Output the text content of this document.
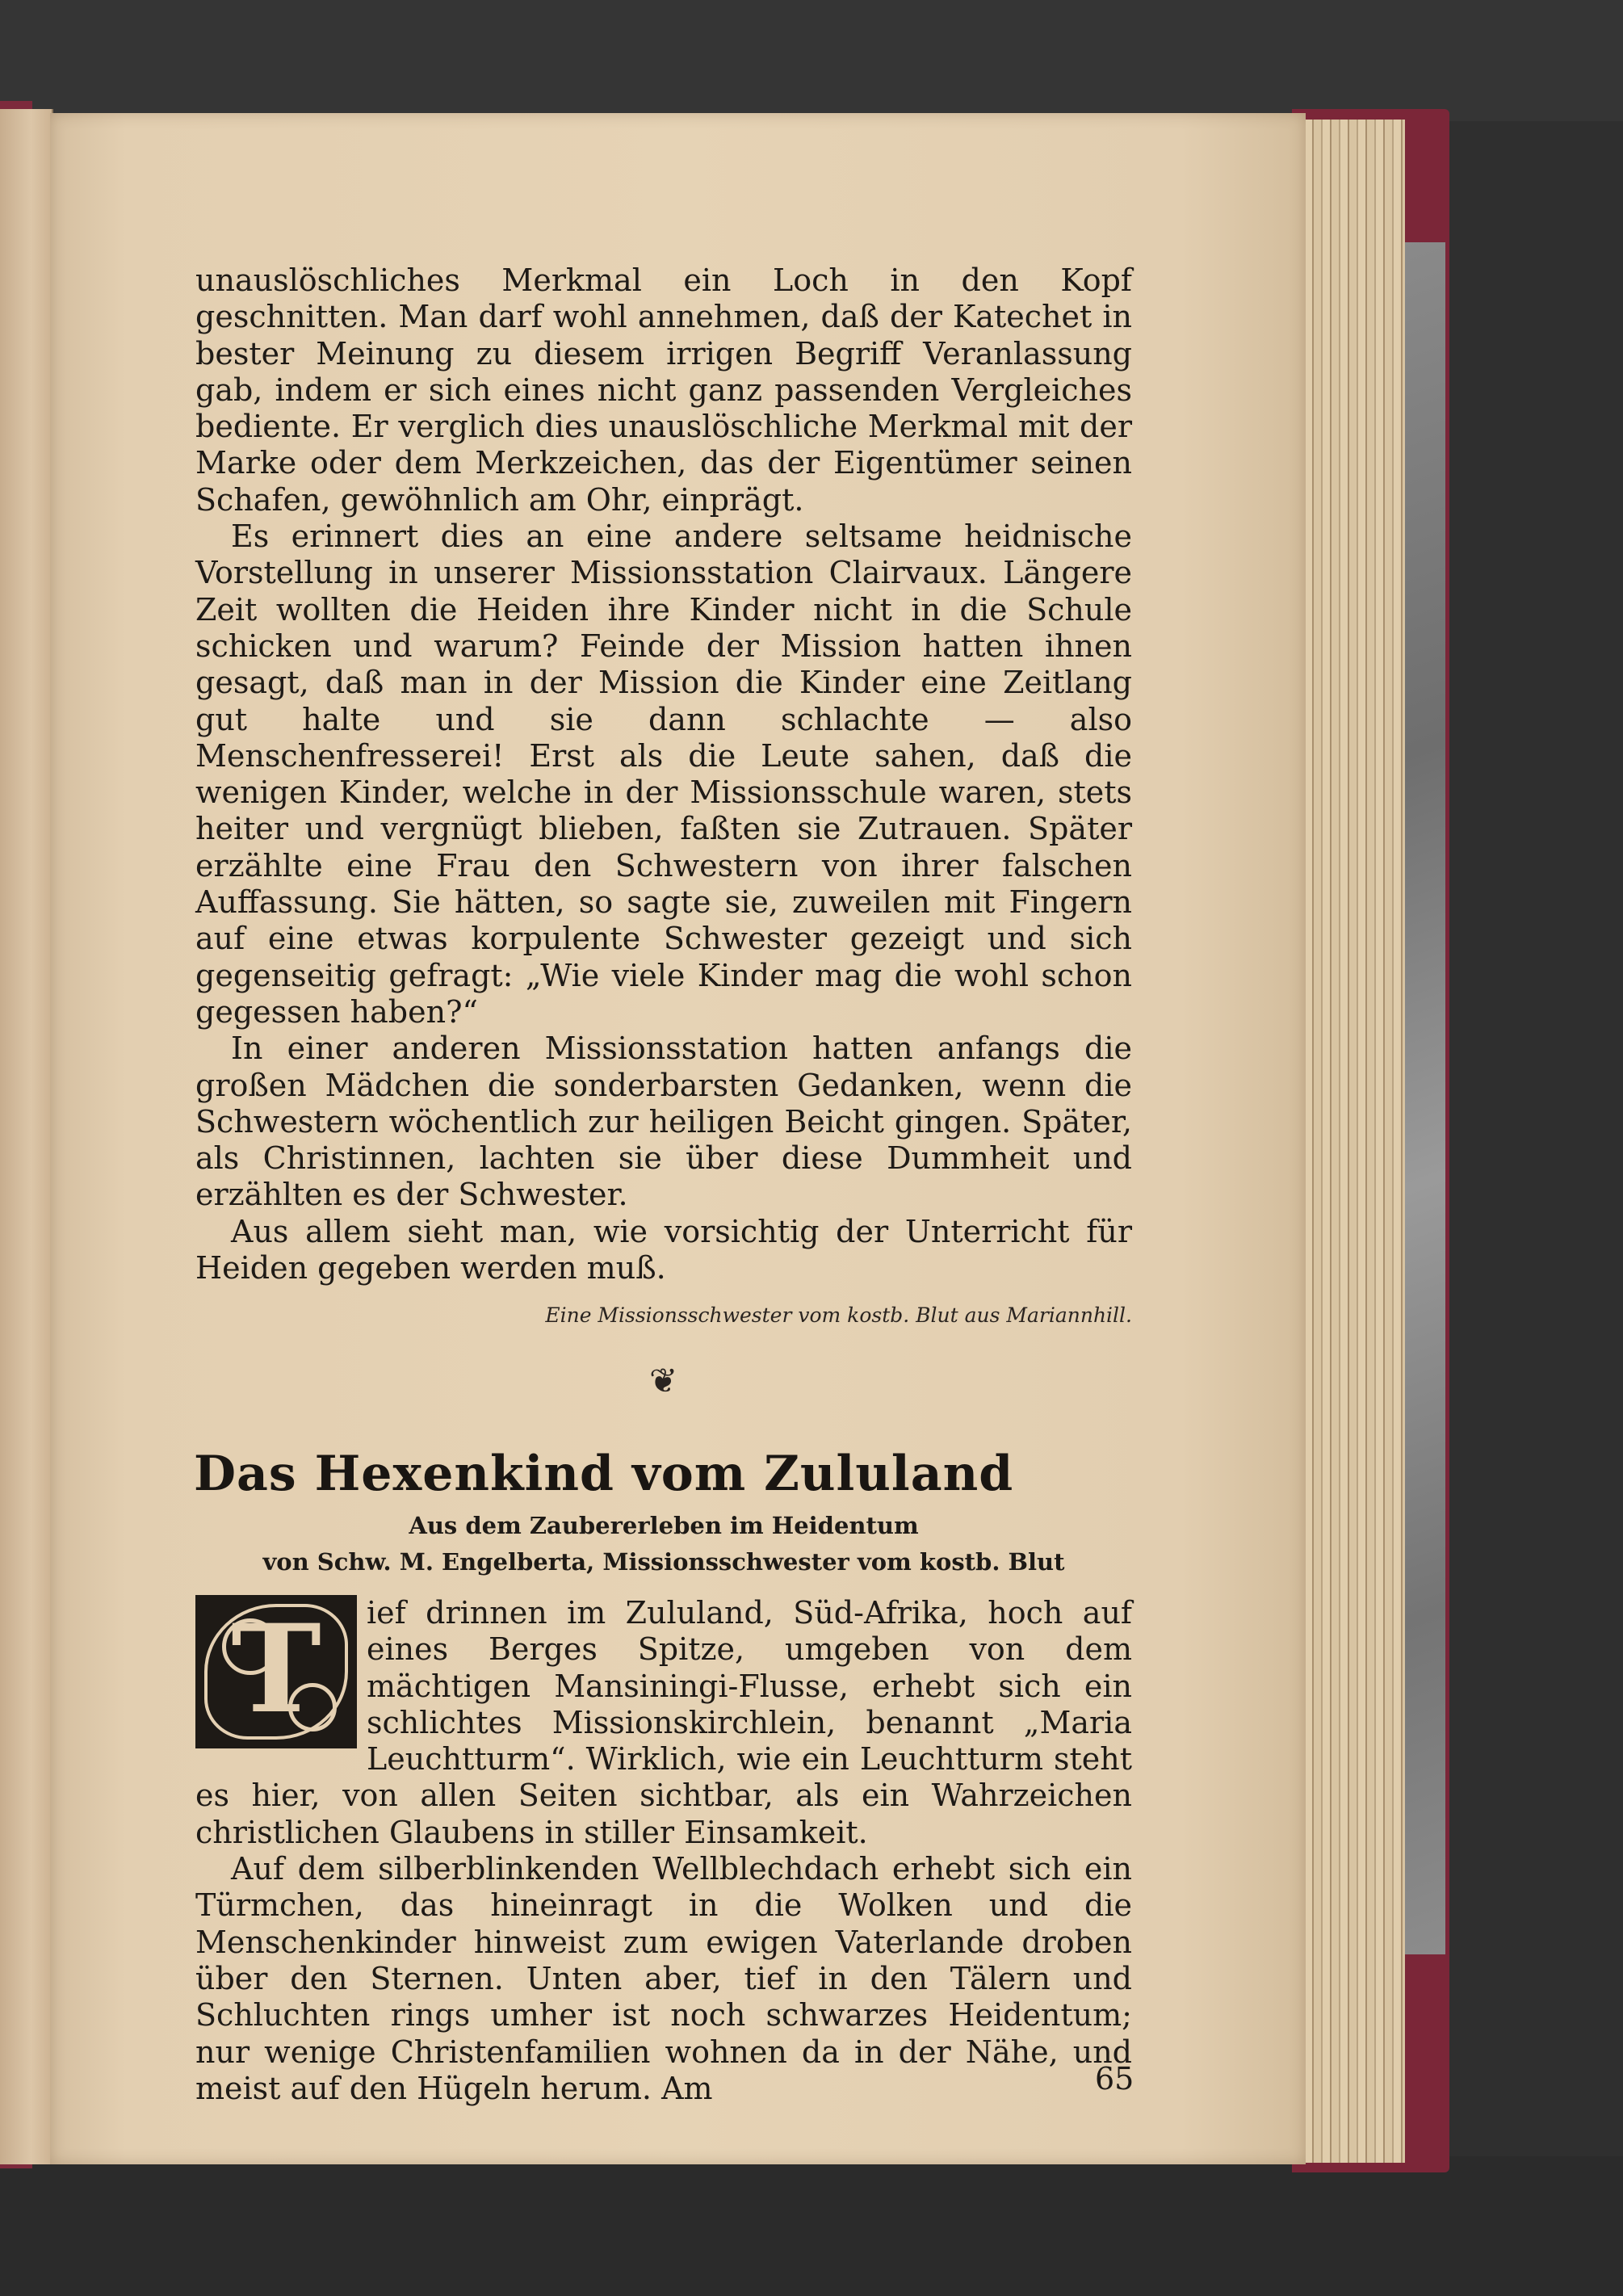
unauslöschliches Merkmal ein Loch in den Kopf geschnitten. Man darf wohl annehmen, daß der Katechet in bester Meinung zu diesem irrigen Begriff Veranlassung gab, indem er sich eines nicht ganz passenden Vergleiches bediente. Er verglich dies unauslöschliche Merkmal mit der Marke oder dem Merkzeichen, das der Eigentümer seinen Schafen, gewöhnlich am Ohr, einprägt.

Es erinnert dies an eine andere seltsame heidnische Vorstellung in unserer Missionsstation Clairvaux. Längere Zeit wollten die Heiden ihre Kinder nicht in die Schule schicken und warum? Feinde der Mission hatten ihnen gesagt, daß man in der Mission die Kinder eine Zeitlang gut halte und sie dann schlachte — also Menschenfresserei! Erst als die Leute sahen, daß die wenigen Kinder, welche in der Missionsschule waren, stets heiter und vergnügt blieben, faßten sie Zutrauen. Später erzählte eine Frau den Schwestern von ihrer falschen Auffassung. Sie hätten, so sagte sie, zuweilen mit Fingern auf eine etwas korpulente Schwester gezeigt und sich gegenseitig gefragt: „Wie viele Kinder mag die wohl schon gegessen haben?“

In einer anderen Missionsstation hatten anfangs die großen Mädchen die sonderbarsten Gedanken, wenn die Schwestern wöchentlich zur heiligen Beicht gingen. Später, als Christinnen, lachten sie über diese Dummheit und erzählten es der Schwester.

Aus allem sieht man, wie vorsichtig der Unterricht für Heiden gegeben werden muß.

Eine Missionsschwester vom kostb. Blut aus Mariannhill.
❦
Das Hexenkind vom Zululand
Aus dem Zaubererleben im Heidentum
von Schw. M. Engelberta, Missionsschwester vom kostb. Blut

T	ief drinnen im Zululand, Süd-Afrika, hoch auf eines Berges Spitze, umgeben von dem mächtigen Mansiningi-Flusse, erhebt sich ein schlichtes Missionskirchlein, benannt „Maria Leuchtturm“. Wirklich, wie ein Leuchtturm steht es hier, von allen Seiten sichtbar, als ein Wahrzeichen christlichen Glaubens in stiller Einsamkeit.

Auf dem silberblinkenden Wellblechdach erhebt sich ein Türmchen, das hineinragt in die Wolken und die Menschenkinder hinweist zum ewigen Vaterlande droben über den Sternen. Unten aber, tief in den Tälern und Schluchten rings umher ist noch schwarzes Heidentum; nur wenige Christenfamilien wohnen da in der Nähe, und meist auf den Hügeln herum. Am	65
